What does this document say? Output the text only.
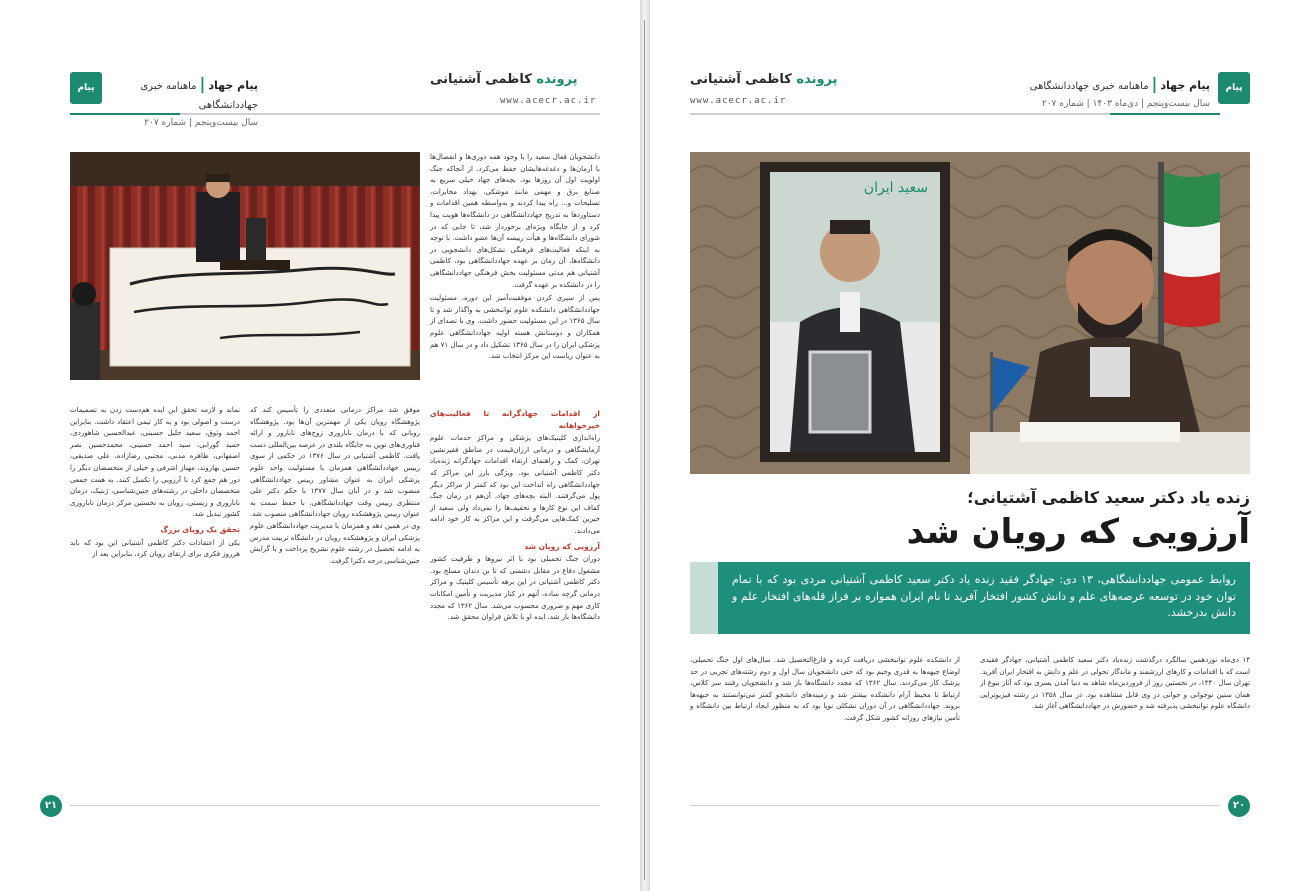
پیام جهاد
پیام جهاد|ماهنامه خبری جهاددانشگاهی
سال بیست‌وپنجم | شماره ۲۰۷
پرونده کاظمی آشتیانی
www.acecr.ac.ir

دانشجویان فعال سعید را با وجود همه دوری‌ها و انفصال‌ها با آرمان‌ها و دغدغه‌هایشان حفظ می‌کرد. از آنجاکه جنگ اولویت اول آن روزها بود، بچه‌های جهاد خیلی سریع به صنایع برق و مهمی مانند موشکی، بهداد مخابرات، تسلیحات و... راه پیدا کردند و به‌واسطه همین اقدامات و دستاوردها به تدریج جهاددانشگاهی در دانشگاه‌ها هویت پیدا کرد و از جایگاه ویژه‌ای برخوردار شد، تا جایی که در شورای دانشگاه‌ها و هیأت رییسه آن‌ها عضو داشت. با توجه به اینکه فعالیت‌های فرهنگی تشکل‌های دانشجویی در دانشگاه‌ها، آن زمان بر عهده جهاددانشگاهی بود، کاظمی آشتیانی هم مدتی مسئولیت بخش فرهنگی جهاددانشگاهی را در دانشکده بر عهده گرفت.

پس از سپری کردن موفقیت‌آمیز این دوره، مسئولیت جهاددانشگاهی دانشکده علوم توانبخشی به واگذار شد و تا سال ۱۳۶۵ در این مسئولیت حضور داشت. وی با تصدای از همکاران و دوستانش هسته اولیه جهاددانشگاهی علوم پزشکی ایران را در سال ۱۳۶۵ تشکیل داد و در سال ۷۱ هم به عنوان ریاست این مرکز انتخاب شد.

از اقدامات جهادگرانه تا فعالیت‌های خیرخواهانه

راه‌اندازی کلینیک‌های پزشکی و مراکز خدمات علوم آزمایشگاهی و درمانی ارزان‌قیمت در مناطق فقیرنشین تهران، کمک و راهنمای ارتقاء اقدامات جهادگرانه زنده‌یاد دکتر کاظمی آشتیانی بود. ویژگی بارز این مراکز که جهاددانشگاهی راه انداخت این بود که کمتر از مراکز دیگر پول می‌گرفتند. البته بچه‌های جهاد، آن‌هم در زمان جنگ کفاف این نوع کارها و تخفیف‌ها را نمی‌داد ولی سعید از خیرین کمک‌هایی می‌گرفت و این مراکز به کار خود ادامه می‌دادند.

آرزویی که رویان شد

دوران جنگ تحمیلی بود با اثر نیروها و ظرفیت کشور مشغول دفاع در مقابل دشمنی که تا بن دندان مسلح بود. دکتر کاظمی آشتیانی در این برهه تأسیس کلینیک و مراکز درمانی گرچه ساده، آنهم در کنار مدیریت و تأمین امکانات کاری مهم و ضروری محسوب می‌شد. سال ۱۳۶۲ که مجدد دانشگاه‌ها باز شد، ایده او با تلاش فراوان محقق شد.

موفق شد مراکز درمانی متعددی را تأسیس کند که پژوهشگاه رویان یکی از مهمترین آن‌ها بود. پژوهشگاه رویانی که با درمان ناباروری زوج‌های نابارور و ارائه فناوری‌های نوین به جایگاه بلندی در عرصه بین‌المللی دست یافت. کاظمی آشتیانی در سال ۱۳۷۶ در حکمی از سوی رییس جهاددانشگاهی همزمان با مسئولیت واحد علوم پزشکی ایران به عنوان مشاور رییس جهاددانشگاهی منصوب شد و در آبان سال ۱۳۷۷ با حکم دکتر علی منتظری رییس وقت جهاددانشگاهی، با حفظ سمت به عنوان رییس پژوهشکده رویان جهاددانشگاهی منصوب شد. وی در همین دهه و همزمان با مدیریت جهاددانشگاهی علوم پزشکی ایران و پژوهشکده رویان در دانشگاه تربیت مدرس به ادامه تحصیل در رشته علوم تشریح پرداخت و با گرایش جنین‌شناسی درجه دکترا گرفت.

نماند و لازمه تحقق این ایده هم‌دست زدن به تصمیمات درست و اصولی بود و به کار تیمی اعتقاد داشت. بنابراین احمد وثوق، سعید جلیل حسینی، عبدالحسین شاهوردی، حمید گورابی، سید احمد حسینی، محمدحسین نصر اصفهانی، طاهره مدنی، مجتبی رضازاده، علی صدیقی، حسین بهاروند، مهناز اشرفی و خیلی از متخصصان دیگر را دور هم جمع کرد تا آرزویی را تکمیل کنند. به همت جمعی متخصصان داخلی در رشته‌های جنین‌شناسی، ژنتیک، درمان ناباروری و زیستی، رویان به نخستین مرکز درمان ناباروری کشور تبدیل شد.

تحقق یک رویای بزرگ

یکی از اعتقادات دکتر کاظمی آشتیانی این بود که باید هرروز فکری برای ارتقای رویان کرد، بنابراین بعد از

۲۱
پرونده کاظمی آشتیانی
www.acecr.ac.ir
پیام جهاد|ماهنامه خبری جهاددانشگاهی
سال بیست‌وپنجم | دی‌ماه ۱۴۰۳ | شماره ۲۰۷
پیام جهاد
سعید ایران
زنده یاد دکتر سعید کاظمی آشتیانی؛
آرزویی که رویان شد
روابط عمومی جهاددانشگاهی، ۱۳ دی: جهادگر فقید زنده یاد دکتر سعید کاظمی آشتیانی مردی بود که با تمام توان خود در توسعه عرصه‌های علم و دانش کشور افتخار آفرید تا نام ایران همواره بر فراز قله‌های افتخار علم و دانش بدرخشد.

۱۴ دی‌ماه نوزدهمین سالگرد درگذشت زنده‌یاد دکتر سعید کاظمی آشتیانی، جهادگر فقیدی است که با اقدامات و کارهای ارزشمند و ماندگار تحولی در علم و دانش به افتخار ایران آفرید. تهران سال ۱۳۴۰، در نخستین روز از فروردین‌ماه شاهد به دنیا آمدن پسری بود که آثار نبوغ از همان سنین نوجوانی و جوانی در وی قابل مشاهده بود. در سال ۱۳۵۸ در رشته فیزیوتراپی دانشگاه علوم توانبخشی پذیرفته شد و حضورش در جهاددانشگاهی آغاز شد.

از دانشکده علوم توانبخشی دریافت کرده و فارغ‌التحصیل شد. سال‌های اول جنگ تحمیلی، اوضاع جبهه‌ها به قدری وخیم بود که حتی دانشجویان سال اول و دوم رشته‌های تجربی در حد پزشک کار می‌کردند. سال ۱۳۶۲ که مجدد دانشگاه‌ها باز شد و دانشجویان رفتند سر کلاس، ارتباط با محیط آرام دانشکده بیشتر شد و زمینه‌های دانشجو کمتر می‌توانستند به جبهه‌ها بروند. جهاددانشگاهی در آن دوران تشکلی نوپا بود که به منظور ایجاد ارتباط بین دانشگاه و تأمین نیازهای روزانه کشور شکل گرفت.

۲۰
